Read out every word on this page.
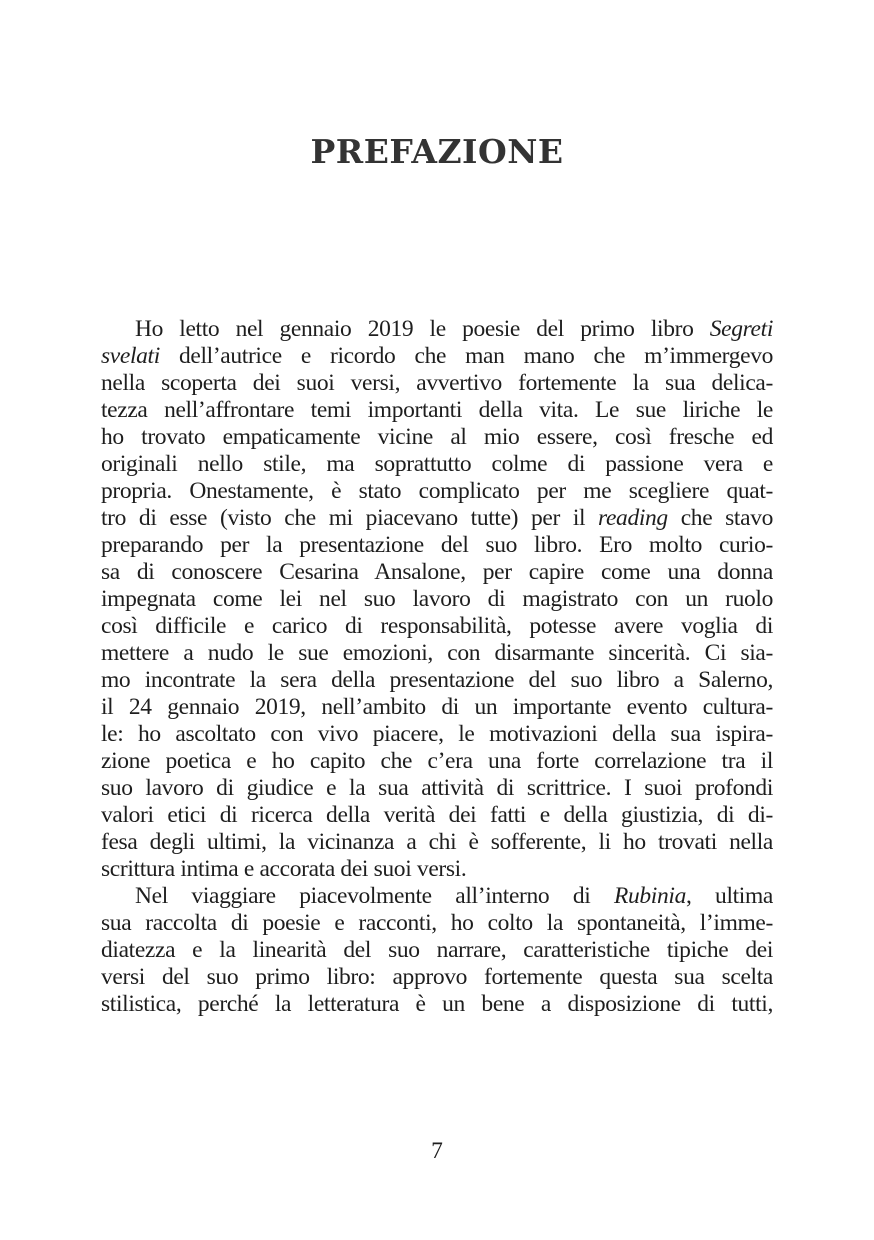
PREFAZIONE
Ho letto nel gennaio 2019 le poesie del primo libro Segreti
svelati dell’autrice e ricordo che man mano che m’immergevo
nella scoperta dei suoi versi, avvertivo fortemente la sua delica-
tezza nell’affrontare temi importanti della vita. Le sue liriche le
ho trovato empaticamente vicine al mio essere, così fresche ed
originali nello stile, ma soprattutto colme di passione vera e
propria. Onestamente, è stato complicato per me scegliere quat-
tro di esse (visto che mi piacevano tutte) per il reading che stavo
preparando per la presentazione del suo libro. Ero molto curio-
sa di conoscere Cesarina Ansalone, per capire come una donna
impegnata come lei nel suo lavoro di magistrato con un ruolo
così difficile e carico di responsabilità, potesse avere voglia di
mettere a nudo le sue emozioni, con disarmante sincerità. Ci sia-
mo incontrate la sera della presentazione del suo libro a Salerno,
il 24 gennaio 2019, nell’ambito di un importante evento cultura-
le: ho ascoltato con vivo piacere, le motivazioni della sua ispira-
zione poetica e ho capito che c’era una forte correlazione tra il
suo lavoro di giudice e la sua attività di scrittrice. I suoi profondi
valori etici di ricerca della verità dei fatti e della giustizia, di di-
fesa degli ultimi, la vicinanza a chi è sofferente, li ho trovati nella
scrittura intima e accorata dei suoi versi.
Nel viaggiare piacevolmente all’interno di Rubinia, ultima
sua raccolta di poesie e racconti, ho colto la spontaneità, l’imme-
diatezza e la linearità del suo narrare, caratteristiche tipiche dei
versi del suo primo libro: approvo fortemente questa sua scelta
stilistica, perché la letteratura è un bene a disposizione di tutti,
7
